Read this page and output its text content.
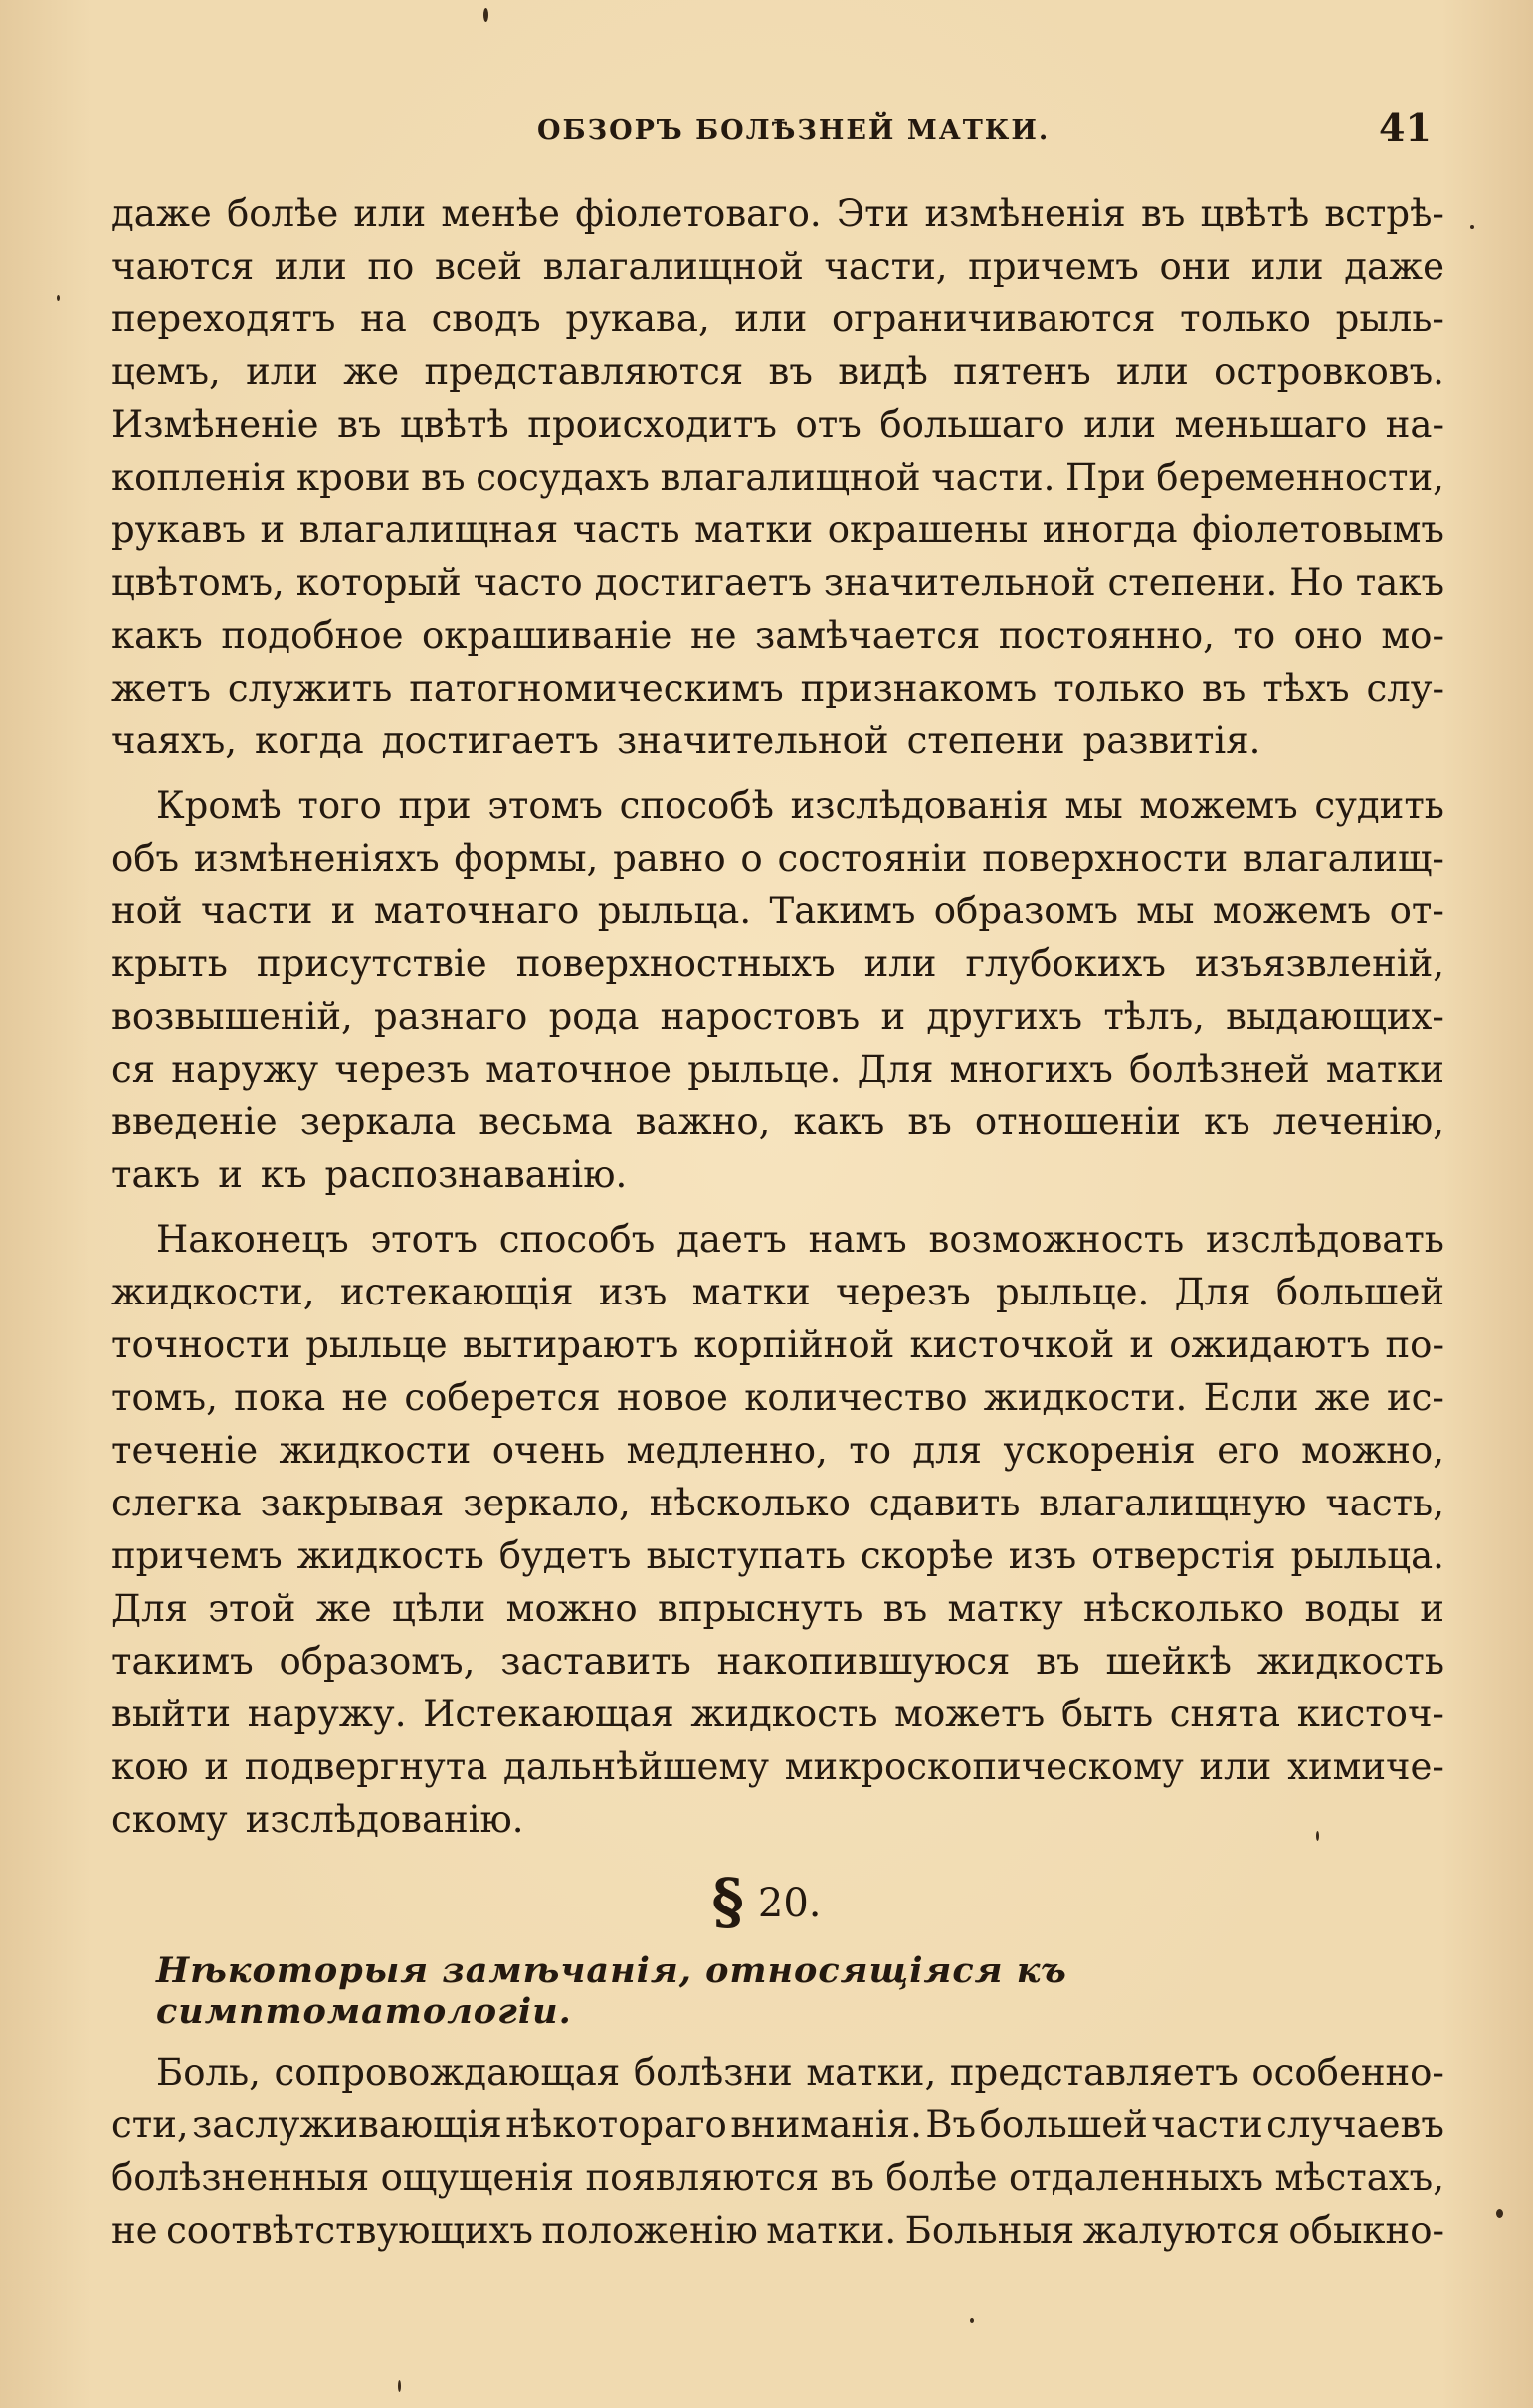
ОБЗОРЪ БОЛѢЗНЕЙ МАТКИ.	41
даже болѣе или менѣе фіолетоваго. Эти измѣненія въ цвѣтѣ встрѣ-
чаются или по всей влагалищной части, причемъ они или даже
переходятъ на сводъ рукава, или ограничиваются только рыль-
цемъ, или же представляются въ видѣ пятенъ или островковъ.
Измѣненіе въ цвѣтѣ происходитъ отъ большаго или меньшаго на-
копленія крови въ сосудахъ влагалищной части. При беременности,
рукавъ и влагалищная часть матки окрашены иногда фіолетовымъ
цвѣтомъ, который часто достигаетъ значительной степени. Но такъ
какъ подобное окрашиваніе не замѣчается постоянно, то оно мо-
жетъ служить патогномическимъ признакомъ только въ тѣхъ слу-
чаяхъ, когда достигаетъ значительной степени развитія.
Кромѣ того при этомъ способѣ изслѣдованія мы можемъ судить
объ измѣненіяхъ формы, равно о состояніи поверхности влагалищ-
ной части и маточнаго рыльца. Такимъ образомъ мы можемъ от-
крыть присутствіе поверхностныхъ или глубокихъ изъязвленій,
возвышеній, разнаго рода наростовъ и другихъ тѣлъ, выдающих-
ся наружу черезъ маточное рыльце. Для многихъ болѣзней матки
введеніе зеркала весьма важно, какъ въ отношеніи къ леченію,
такъ и къ распознаванію.
Наконецъ этотъ способъ даетъ намъ возможность изслѣдовать
жидкости, истекающія изъ матки черезъ рыльце. Для большей
точности рыльце вытираютъ корпійной кисточкой и ожидаютъ по-
томъ, пока не соберется новое количество жидкости. Если же ис-
теченіе жидкости очень медленно, то для ускоренія его можно,
слегка закрывая зеркало, нѣсколько сдавить влагалищную часть,
причемъ жидкость будетъ выступать скорѣе изъ отверстія рыльца.
Для этой же цѣли можно впрыснуть въ матку нѣсколько воды и
такимъ образомъ, заставить накопившуюся въ шейкѣ жидкость
выйти наружу. Истекающая жидкость можетъ быть снята кисточ-
кою и подвергнута дальнѣйшему микроскопическому или химиче-
скому изслѣдованію.
§ 20.
Нѣкоторыя замѣчанія, относящіяся къ симптоматологіи.
Боль, сопровождающая болѣзни матки, представляетъ особенно-
сти, заслуживающія нѣкотораго вниманія. Въ большей части случаевъ
болѣзненныя ощущенія появляются въ болѣе отдаленныхъ мѣстахъ,
не соотвѣтствующихъ положенію матки. Больныя жалуются обыкно-
